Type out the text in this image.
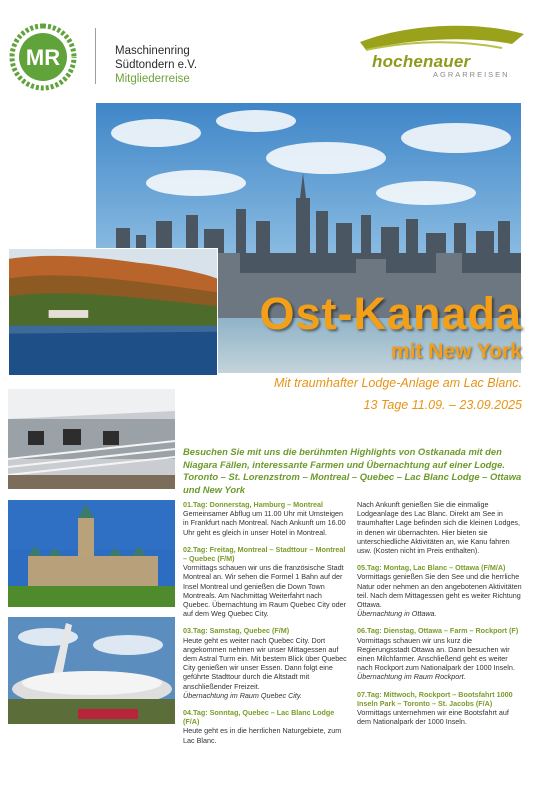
MR	Maschinenring
Südtondern e.V.
Mitgliederreise
hochenauer
AGRARREISEN
Ost-Kanada
mit New York
Mit traumhafter Lodge-Anlage am Lac Blanc.
13 Tage 11.09. – 23.09.2025
Besuchen Sie mit uns die berühmten Highlights von Ostkanada mit den Niagara Fällen, interessante Farmen und Übernachtung auf einer Lodge. Toronto – St. Lorenzstrom – Montreal – Quebec – Lac Blanc Lodge – Ottawa und New York
01.Tag: Donnerstag, Hamburg – Montreal
Gemeinsamer Abflug um 11.00 Uhr mit Umsteigen in Frankfurt nach Montreal. Nach Ankunft um 16.00 Uhr geht es gleich in unser Hotel in Montreal.
02.Tag: Freitag, Montreal – Stadttour – Montreal – Quebec (F/M)
Vormittags schauen wir uns die französische Stadt Montreal an. Wir sehen die Formel 1 Bahn auf der Insel Montreal und genießen die Down Town Montreals. Am Nachmittag Weiterfahrt nach Quebec. Übernachtung im Raum Quebec City oder auf dem Weg Quebec City.
03.Tag: Samstag, Quebec (F/M)
Heute geht es weiter nach Quebec City. Dort angekommen nehmen wir unser Mittagessen auf dem Astral Turm ein. Mit bestem Blick über Quebec City genießen wir unser Essen. Dann folgt eine geführte Stadttour durch die Altstadt mit anschließender Freizeit.
Übernachtung im Raum Quebec City.
04.Tag: Sonntag, Quebec – Lac Blanc Lodge (F/A)
Heute geht es in die herrlichen Naturgebiete, zum Lac Blanc.
Nach Ankunft genießen Sie die einmalige Lodgeanlage des Lac Blanc. Direkt am See in traumhafter Lage befinden sich die kleinen Lodges, in denen wir übernachten. Hier bieten sie unterschiedliche Aktivitäten an, wie Kanu fahren usw. (Kosten nicht im Preis enthalten).
05.Tag: Montag, Lac Blanc – Ottawa (F/M/A)
Vormittags genießen Sie den See und die herrliche Natur oder nehmen an den angebotenen Aktivitäten teil. Nach dem Mittagessen geht es weiter Richtung Ottawa.
Übernachtung in Ottawa.
06.Tag: Dienstag, Ottawa – Farm – Rockport (F)
Vormittags schauen wir uns kurz die Regierungsstadt Ottawa an. Dann besuchen wir einen Milchfarmer. Anschließend geht es weiter nach Rockport zum Nationalpark der 1000 Inseln.
Übernachtung im Raum Rockport.
07.Tag: Mittwoch, Rockport – Bootsfahrt 1000 Inseln Park – Toronto – St. Jacobs (F/A)
Vormittags unternehmen wir eine Bootsfahrt auf dem Nationalpark der 1000 Inseln.
